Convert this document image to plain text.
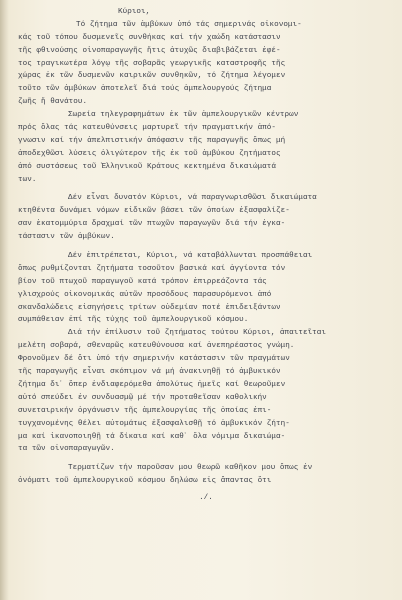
Κύριοι,
Τό ζήτημα τῶν ἀμβύκων ὑπό τάς σημερινάς οἰκονομι-
κάς τοῦ τόπου δυσμενεῖς συνθήκας καί τήν χαώδη κατάστασιν
τῆς φθινούσης οἰνοπαραγωγῆς ἥτις ἀτυχῶς διαβιβάζεται ἐφέ-
τος τραγικωτέρα λόγῳ τῆς σοβαρᾶς γεωργικῆς καταστροφῆς τῆς
χώρας ἐκ τῶν δυσμενῶν καιρικῶν συνθηκῶν, τό ζήτημα λέγομεν
τοῦτο τῶν ἀμβύκων ἀποτελεῖ διά τούς ἀμπελουργούς ζήτημα
ζωῆς ἤ θανάτου.
Σωρεία τηλεγραφημάτων ἐκ τῶν ἀμπελουργικῶν κέντρων
πρός ὅλας τάς κατευθύνσεις μαρτυρεῖ τήν πραγματικήν ἀπό-
γνωσιν καί τήν ἀπελπιστικήν ἀπόφασιν τῆς παραγωγῆς ὅπως μή
ἀποδεχθῶσι λύσεις ὀλιγώτερον τῆς ἐκ τοῦ ἀμβύκου ζητήματος
ἀπό συστάσεως τοῦ Ἑλληνικοῦ Κράτους κεκτημένα δικαιώματά
των.
Δέν εἶναι δυνατόν Κύριοι, νά παραγνωρισθῶσι δικαιώματα
κτηθέντα δυνάμει νόμων εἰδικῶν βάσει τῶν ὁποίων ἐξασφαλίζε-
σαν ἑκατομμύρια δραχμαί τῶν πτωχῶν παραγωγῶν διά τήν ἐγκα-
τάστασιν τῶν ἀμβύκων.
Δέν ἐπιτρέπεται, Κύριοι, νά καταβάλλωνται προσπάθειαι
ὅπως ρυθμίζονται ζητήματα τοσοῦτον βασικά καί ἀγγίοντα τόν
βίον τοῦ πτωχοῦ παραγωγοῦ κατά τρόπον ἐπιρρεάζοντα τάς
γλισχρούς οἰκονομικάς αὐτῶν προσόδους παρασυρόμενοι ἀπό
σκανδαλώδεις εἰσηγήσεις τρίτων οὐδεμίαν ποτέ ἐπιδειξάντων
συμπάθειαν ἐπί τῆς τύχης τοῦ ἀμπελουργικοῦ κόσμου.
Διά τήν ἐπίλυσιν τοῦ ζητήματος τούτου Κύριοι, ἀπαιτεῖται
μελέτη σοβαρά, σθεναρῶς κατευθύνουσα καί ἀνεπηρέαστος γνώμη.
Φρονοῦμεν δέ ὅτι ὑπό τήν σημερινήν κατάστασιν τῶν πραγμάτων
τῆς παραγωγῆς εἶναι σκόπιμον νά μή ἀνακινηθῇ τό ἀμβυκικόν
ζήτημα δι᾽ ὅπερ ἐνδιαφερόμεθα ἀπολύτως ἡμεῖς καί θεωροῦμεν
αὐτό σπεύδει ἐν συνδυασμῷ μέ τήν προταθεῖσαν καθολικήν
συνεταιρικήν ὀργάνωσιν τῆς ἀμπελουργίας τῆς ὁποίας ἐπι-
τυγχανομένης θέλει αὐτομάτως ἐξασφαλισθῇ τό ἀμβυκικόν ζήτη-
μα καί ἱκανοποιηθῇ τά δίκαια καί καθ᾽ ὅλα νόμιμα δικαιώμα-
τα τῶν οἰνοπαραγωγῶν.
Τερματίζων τήν παροῦσαν μου θεωρῶ καθῆκον μου ὅπως ἐν
ὀνόματι τοῦ ἀμπελουργικοῦ κόσμου δηλώσω εἰς ἅπαντας ὅτι
./.
